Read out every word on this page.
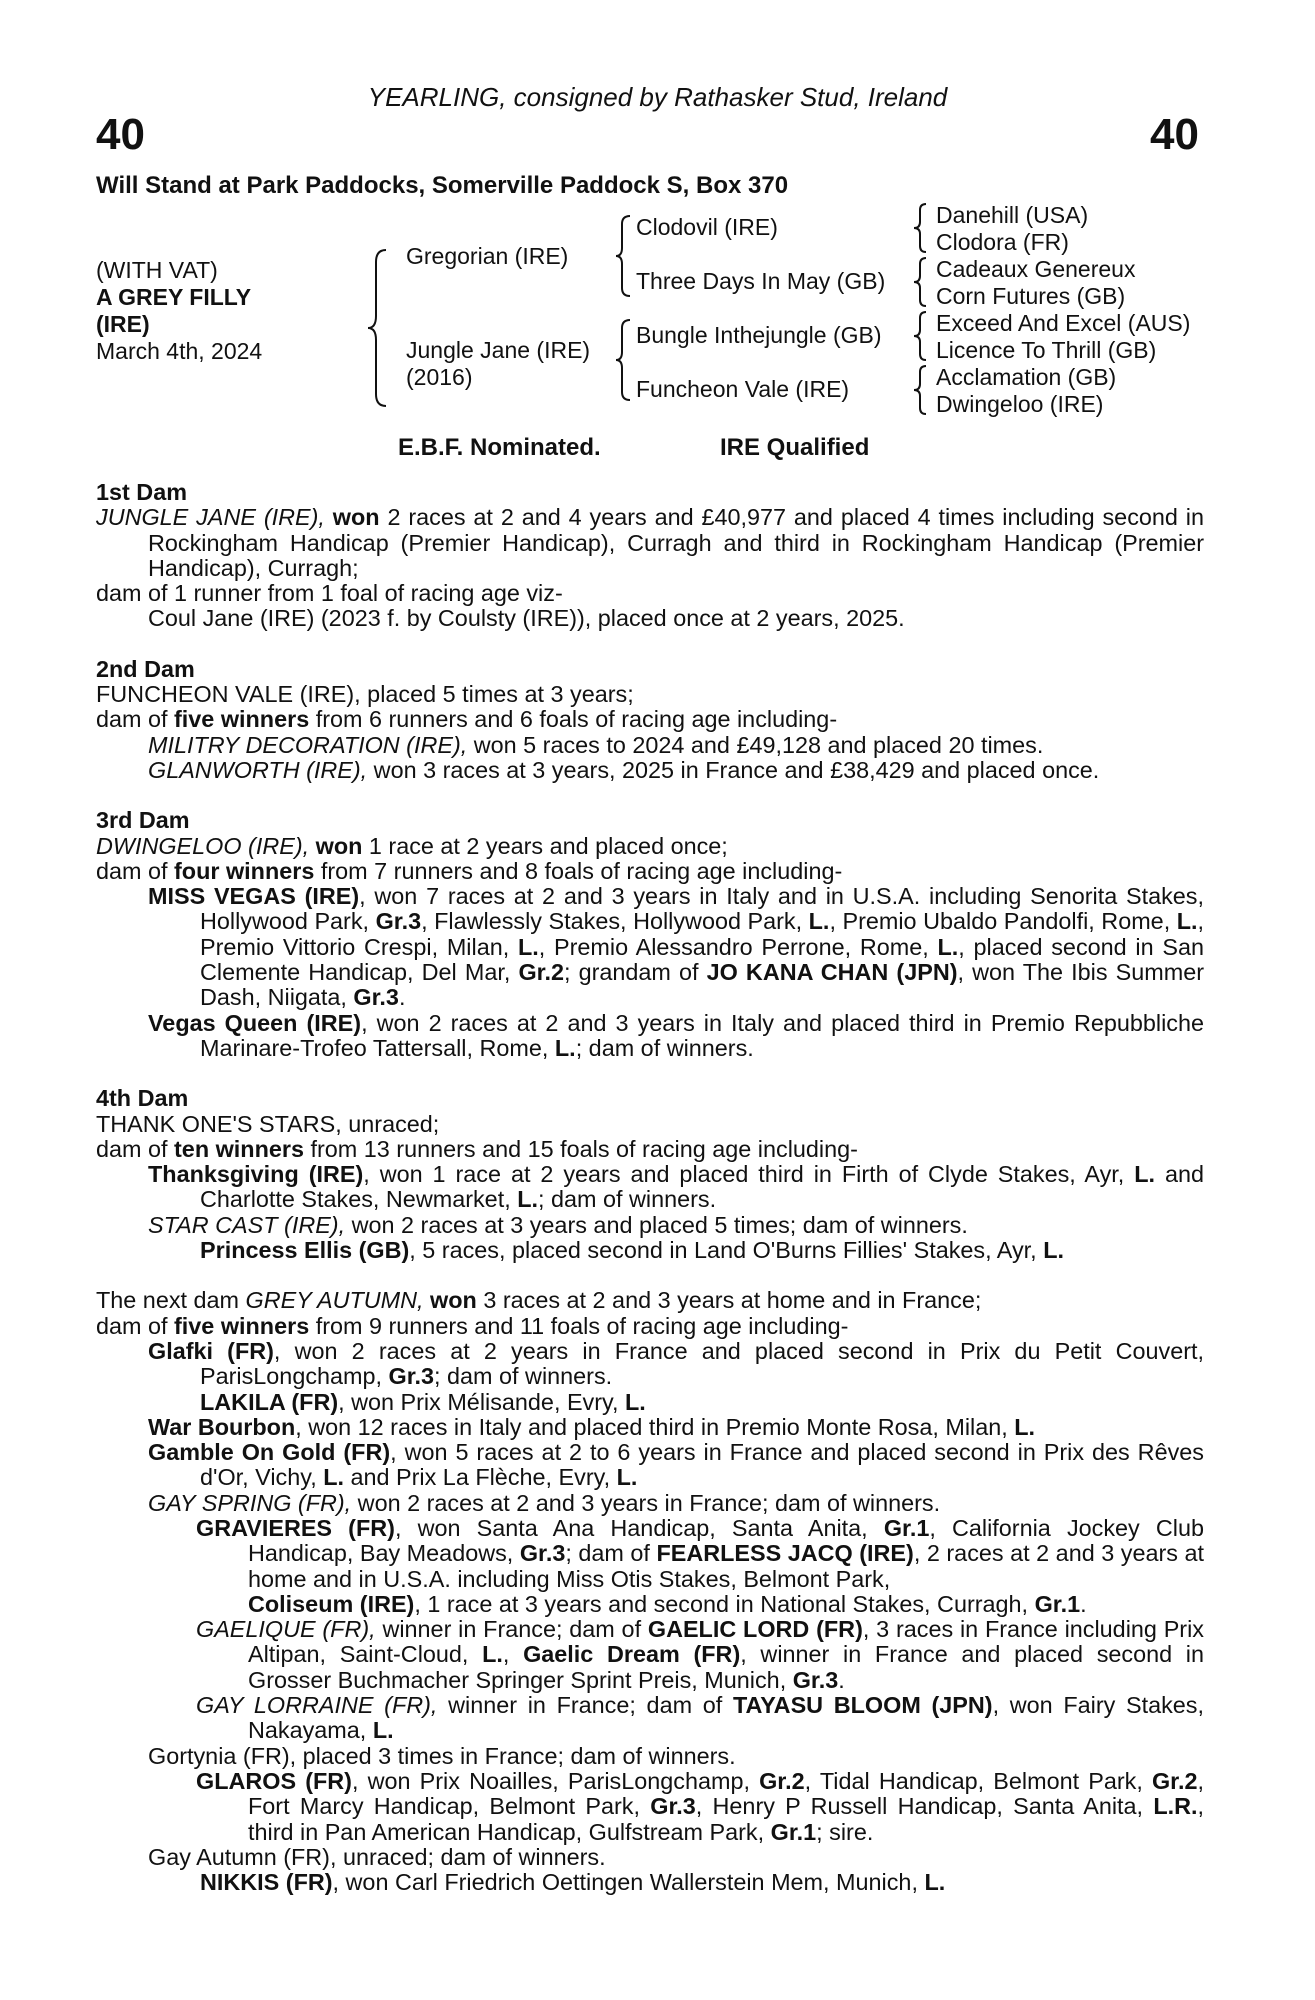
YEARLING, consigned by Rathasker Stud, Ireland
40	40
Will Stand at Park Paddocks, Somerville Paddock S, Box 370
(WITH VAT)
A GREY FILLY
(IRE)
March 4th, 2024
Gregorian (IRE)
Jungle Jane (IRE)
(2016)
Clodovil (IRE)
Three Days In May (GB)
Bungle Inthejungle (GB)
Funcheon Vale (IRE)
Danehill (USA)
Clodora (FR)
Cadeaux Genereux
Corn Futures (GB)
Exceed And Excel (AUS)
Licence To Thrill (GB)
Acclamation (GB)
Dwingeloo (IRE)
E.B.F. Nominated.	IRE Qualified

1st Dam

JUNGLE JANE (IRE), won 2 races at 2 and 4 years and £40,977 and placed 4 times including second in Rockingham Handicap (Premier Handicap), Curragh and third in Rockingham Handicap (Premier Handicap), Curragh;

dam of 1 runner from 1 foal of racing age viz-

Coul Jane (IRE) (2023 f. by Coulsty (IRE)), placed once at 2 years, 2025.

2nd Dam

FUNCHEON VALE (IRE), placed 5 times at 3 years;

dam of five winners from 6 runners and 6 foals of racing age including-

MILITRY DECORATION (IRE), won 5 races to 2024 and £49,128 and placed 20 times.

GLANWORTH (IRE), won 3 races at 3 years, 2025 in France and £38,429 and placed once.

3rd Dam

DWINGELOO (IRE), won 1 race at 2 years and placed once;

dam of four winners from 7 runners and 8 foals of racing age including-

MISS VEGAS (IRE), won 7 races at 2 and 3 years in Italy and in U.S.A. including Senorita Stakes, Hollywood Park, Gr.3, Flawlessly Stakes, Hollywood Park, L., Premio Ubaldo Pandolfi, Rome, L., Premio Vittorio Crespi, Milan, L., Premio Alessandro Perrone, Rome, L., placed second in San Clemente Handicap, Del Mar, Gr.2; grandam of JO KANA CHAN (JPN), won The Ibis Summer Dash, Niigata, Gr.3.

Vegas Queen (IRE), won 2 races at 2 and 3 years in Italy and placed third in Premio Repubbliche Marinare-Trofeo Tattersall, Rome, L.; dam of winners.

4th Dam

THANK ONE'S STARS, unraced;

dam of ten winners from 13 runners and 15 foals of racing age including-

Thanksgiving (IRE), won 1 race at 2 years and placed third in Firth of Clyde Stakes, Ayr, L. and Charlotte Stakes, Newmarket, L.; dam of winners.

STAR CAST (IRE), won 2 races at 3 years and placed 5 times; dam of winners.

Princess Ellis (GB), 5 races, placed second in Land O'Burns Fillies' Stakes, Ayr, L.

The next dam GREY AUTUMN, won 3 races at 2 and 3 years at home and in France;

dam of five winners from 9 runners and 11 foals of racing age including-

Glafki (FR), won 2 races at 2 years in France and placed second in Prix du Petit Couvert, ParisLongchamp, Gr.3; dam of winners.

LAKILA (FR), won Prix Mélisande, Evry, L.

War Bourbon, won 12 races in Italy and placed third in Premio Monte Rosa, Milan, L.

Gamble On Gold (FR), won 5 races at 2 to 6 years in France and placed second in Prix des Rêves d'Or, Vichy, L. and Prix La Flèche, Evry, L.

GAY SPRING (FR), won 2 races at 2 and 3 years in France; dam of winners.

GRAVIERES (FR), won Santa Ana Handicap, Santa Anita, Gr.1, California Jockey Club Handicap, Bay Meadows, Gr.3; dam of FEARLESS JACQ (IRE), 2 races at 2 and 3 years at home and in U.S.A. including Miss Otis Stakes, Belmont Park,

Coliseum (IRE), 1 race at 3 years and second in National Stakes, Curragh, Gr.1.

GAELIQUE (FR), winner in France; dam of GAELIC LORD (FR), 3 races in France including Prix Altipan, Saint-Cloud, L., Gaelic Dream (FR), winner in France and placed second in Grosser Buchmacher Springer Sprint Preis, Munich, Gr.3.

GAY LORRAINE (FR), winner in France; dam of TAYASU BLOOM (JPN), won Fairy Stakes, Nakayama, L.

Gortynia (FR), placed 3 times in France; dam of winners.

GLAROS (FR), won Prix Noailles, ParisLongchamp, Gr.2, Tidal Handicap, Belmont Park, Gr.2, Fort Marcy Handicap, Belmont Park, Gr.3, Henry P Russell Handicap, Santa Anita, L.R., third in Pan American Handicap, Gulfstream Park, Gr.1; sire.

Gay Autumn (FR), unraced; dam of winners.

NIKKIS (FR), won Carl Friedrich Oettingen Wallerstein Mem, Munich, L.
